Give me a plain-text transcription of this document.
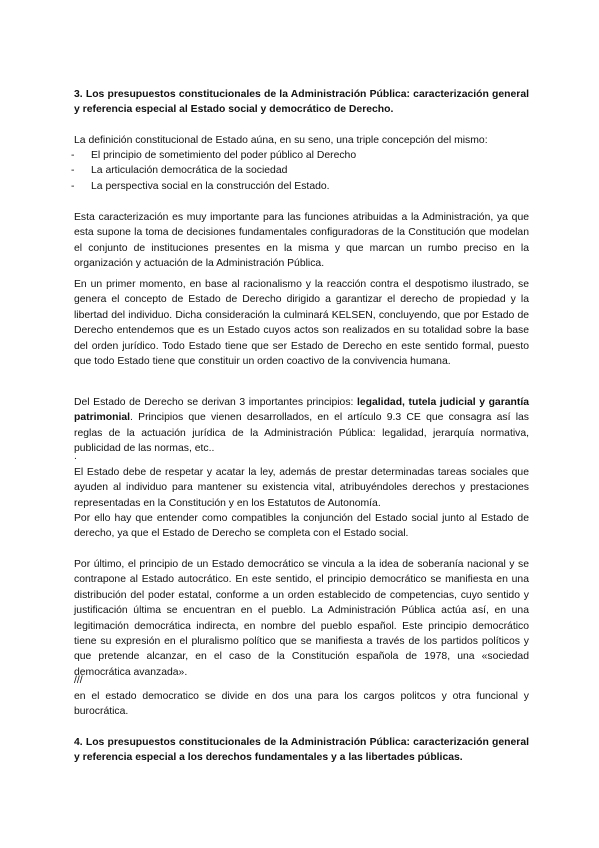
3. Los presupuestos constitucionales de la Administración Pública: caracterización general y referencia especial al Estado social y democrático de Derecho.

La definición constitucional de Estado aúna, en su seno, una triple concepción del mismo:

- El principio de sometimiento del poder público al Derecho
- La articulación democrática de la sociedad
- La perspectiva social en la construcción del Estado.

Esta caracterización es muy importante para las funciones atribuidas a la Administración, ya que esta supone la toma de decisiones fundamentales configuradoras de la Constitución que modelan el conjunto de instituciones presentes en la misma y que marcan un rumbo preciso en la organización y actuación de la Administración Pública.

En un primer momento, en base al racionalismo y la reacción contra el despotismo ilustrado, se genera el concepto de Estado de Derecho dirigido a garantizar el derecho de propiedad y la libertad del individuo. Dicha consideración la culminará KELSEN, concluyendo, que por Estado de Derecho entendemos que es un Estado cuyos actos son realizados en su totalidad sobre la base del orden jurídico. Todo Estado tiene que ser Estado de Derecho en este sentido formal, puesto que todo Estado tiene que constituir un orden coactivo de la convivencia humana.

Del Estado de Derecho se derivan 3 importantes principios: legalidad, tutela judicial y garantía patrimonial. Principios que vienen desarrollados, en el artículo 9.3 CE que consagra así las reglas de la actuación jurídica de la Administración Pública: legalidad, jerarquía normativa, publicidad de las normas, etc..

.

El Estado debe de respetar y acatar la ley, además de prestar determinadas tareas sociales que ayuden al individuo para mantener su existencia vital, atribuyéndoles derechos y prestaciones representadas en la Constitución y en los Estatutos de Autonomía.

Por ello hay que entender como compatibles la conjunción del Estado social junto al Estado de derecho, ya que el Estado de Derecho se completa con el Estado social.

Por último, el principio de un Estado democrático se vincula a la idea de soberanía nacional y se contrapone al Estado autocrático. En este sentido, el principio democrático se manifiesta en una distribución del poder estatal, conforme a un orden establecido de competencias, cuyo sentido y justificación última se encuentran en el pueblo. La Administración Pública actúa así, en una legitimación democrática indirecta, en nombre del pueblo español. Este principio democrático tiene su expresión en el pluralismo político que se manifiesta a través de los partidos políticos y que pretende alcanzar, en el caso de la Constitución española de 1978, una «sociedad democrática avanzada».

///

en el estado democratico se divide en dos una para los cargos politcos y otra funcional y burocrática.

4. Los presupuestos constitucionales de la Administración Pública: caracterización general y referencia especial a los derechos fundamentales y a las libertades públicas.
